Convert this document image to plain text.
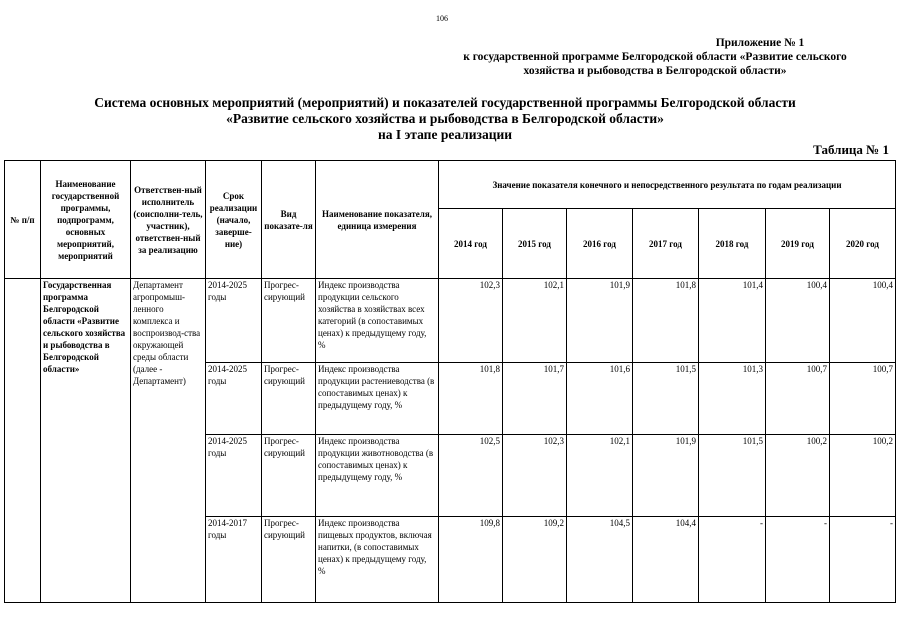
106
Приложение № 1
к государственной программе Белгородской области «Развитие сельского
хозяйства и рыбоводства в Белгородской области»
Система основных мероприятий (мероприятий) и показателей государственной программы Белгородской области
«Развитие сельского хозяйства и рыбоводства в Белгородской области»
на I этапе реализации
Таблица № 1
№ п/п	Наименование государственной программы, подпрограмм, основных мероприятий, мероприятий	Ответствен-ный исполнитель (соисполни-тель, участник), ответствен-ный за реализацию	Срок реализации (начало, заверше-ние)	Вид показате-ля	Наименование показателя, единица измерения	Значение показателя конечного и непосредственного результата по годам реализации						
						2014 год	2015 год	2016 год	2017 год	2018 год	2019 год	2020 год
	Государственная программа Белгородской области «Развитие сельского хозяйства и рыбоводства в Белгородской области»	Департамент агропромыш-ленного комплекса и воспроизвод-ства окружающей среды области (далее - Департамент)	2014-2025 годы	Прогрес-сирующий	Индекс производства продукции сельского хозяйства в хозяйствах всех категорий (в сопоставимых ценах) к предыдущему году, %	102,3	102,1	101,9	101,8	101,4	100,4	100,4
			2014-2025 годы	Прогрес-сирующий	Индекс производства продукции растениеводства (в сопоставимых ценах) к предыдущему году, %	101,8	101,7	101,6	101,5	101,3	100,7	100,7
			2014-2025 годы	Прогрес-сирующий	Индекс производства продукции животноводства (в сопоставимых ценах) к предыдущему году, %	102,5	102,3	102,1	101,9	101,5	100,2	100,2
			2014-2017 годы	Прогрес-сирующий	Индекс производства пищевых продуктов, включая напитки, (в сопоставимых ценах) к предыдущему году, %	109,8	109,2	104,5	104,4	-	-	-
